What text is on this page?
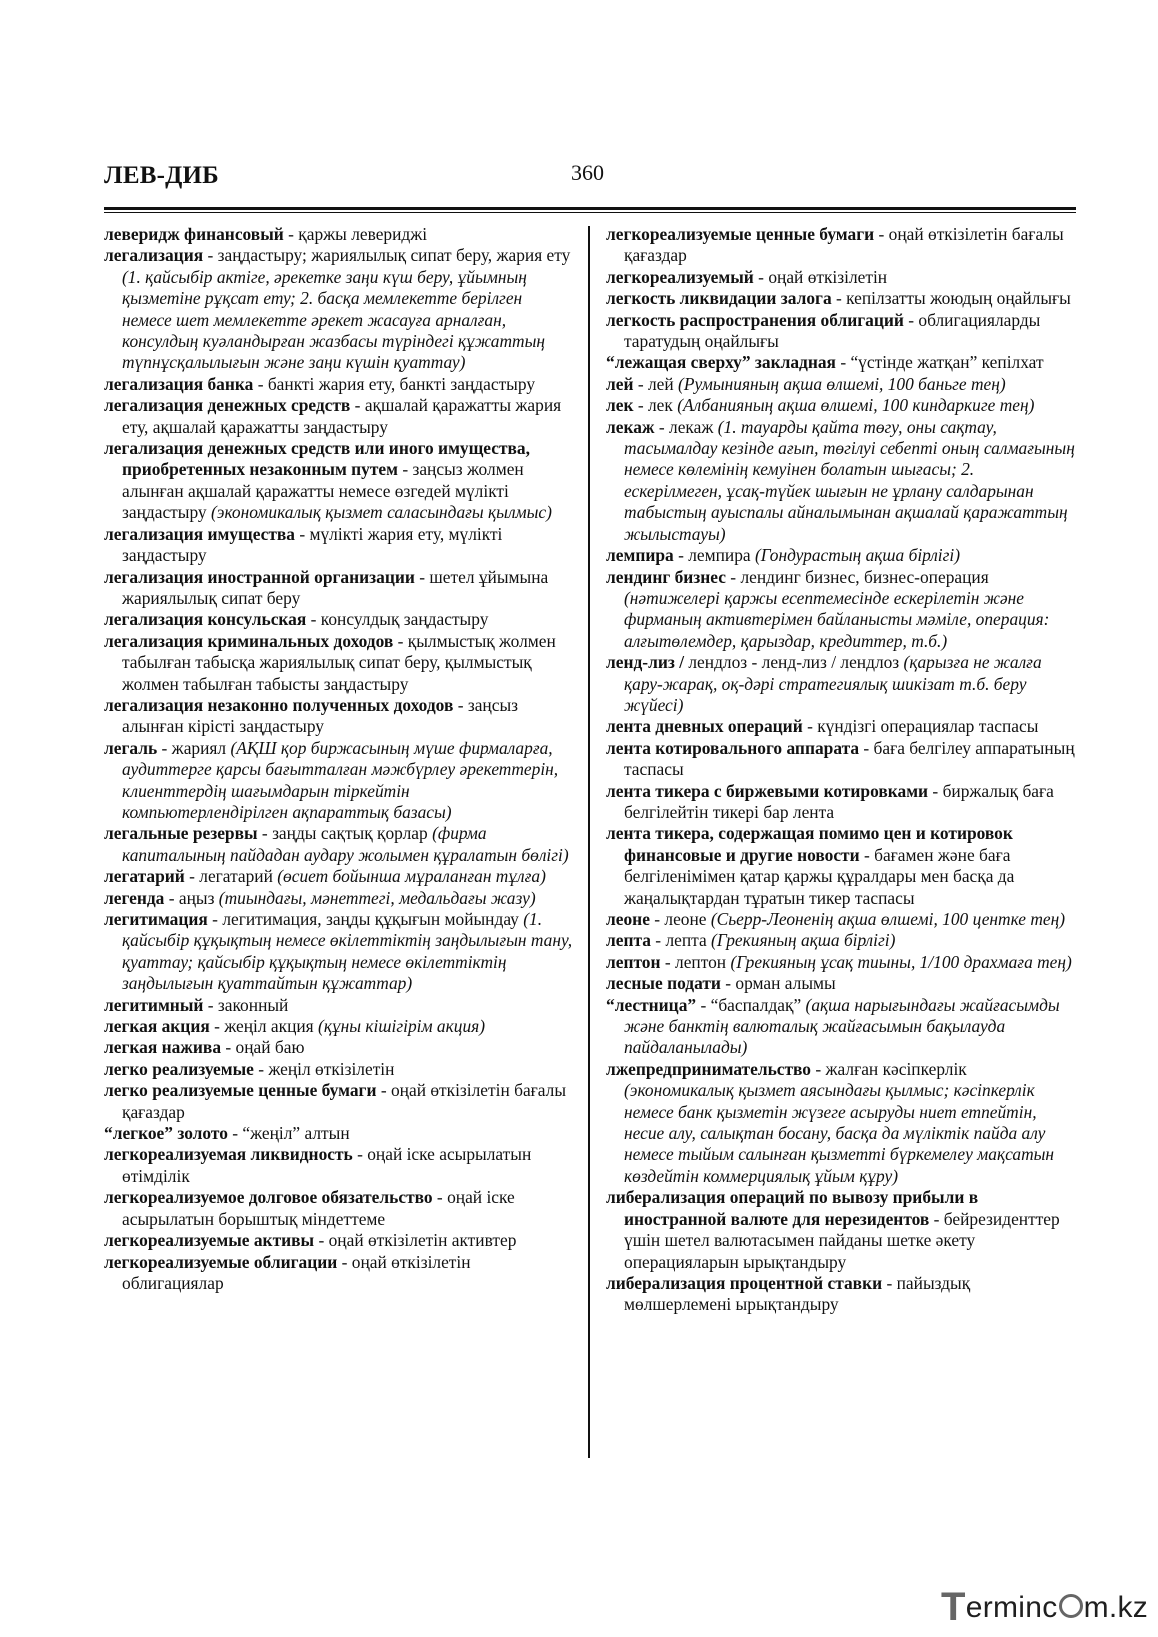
ЛЕВ-ДИБ	360
леверидж финансовый - қаржы левериджі
легализация - заңдастыру; жариялылық сипат беру, жария ету (1. қайсыбір актіге, әрекетке заңи күш беру, ұйымның қызметіне рұқсат ету; 2. басқа мемлекетте берілген немесе шет мемлекетте әрекет жасауға арналған, консулдың куәландырған жазбасы түріндегі құжаттың түпнұсқалылығын және заңи күшін қуаттау)
легализация банка - банкті жария ету, банкті заңдастыру
легализация денежных средств - ақшалай қаражатты жария ету, ақшалай қаражатты заңдастыру
легализация денежных средств или иного имущества, приобретенных незаконным путем - заңсыз жолмен алынған ақшалай қаражатты немесе өзгедей мүлікті заңдастыру (экономикалық қызмет саласындағы қылмыс)
легализация имущества - мүлікті жария ету, мүлікті заңдастыру
легализация иностранной организации - шетел ұйымына жариялылық сипат беру
легализация консульская - консулдық заңдастыру
легализация криминальных доходов - қылмыстық жолмен табылған табысқа жариялылық сипат беру, қылмыстық жолмен табылған табысты заңдастыру
легализация незаконно полученных доходов - заңсыз алынған кірісті заңдастыру
легаль - жариял (АҚШ қор биржасының мүше фирмаларға, аудиттерге қарсы бағытталған мәжбүрлеу әрекеттерін, клиенттердің шағымдарын тіркейтін компьютерлендірілген ақпараттық базасы)
легальные резервы - заңды сақтық қорлар (фирма капиталының пайдадан аудару жолымен құралатын бөлігі)
легатарий - легатарий (өсиет бойынша мұраланған тұлға)
легенда - аңыз (тиындағы, мәнеттегі, медальдағы жазу)
легитимация - легитимация, заңды құқығын мойындау (1. қайсыбір құқықтың немесе өкілеттіктің заңдылығын тану, қуаттау; қайсыбір құқықтың немесе өкілеттіктің заңдылығын қуаттайтын құжаттар)
легитимный - законный
легкая акция - жеңіл акция (құны кішігірім акция)
легкая нажива - оңай баю
легко реализуемые - жеңіл өткізілетін
легко реализуемые ценные бумаги - оңай өткізілетін бағалы қағаздар
“легкое” золото - “жеңіл” алтын
легкореализуемая ликвидность - оңай іске асырылатын өтімділік
легкореализуемое долговое обязательство - оңай іске асырылатын борыштық міндеттеме
легкореализуемые активы - оңай өткізілетін активтер
легкореализуемые облигации - оңай өткізілетін облигациялар
легкореализуемые ценные бумаги - оңай өткізілетін бағалы қағаздар
легкореализуемый - оңай өткізілетін
легкость ликвидации залога - кепілзатты жоюдың оңайлығы
легкость распространения облигаций - облигацияларды таратудың оңайлығы
“лежащая сверху” закладная - “үстінде жатқан” кепілхат
лей - лей (Румынияның ақша өлшемі, 100 баньге тең)
лек - лек (Албанияның ақша өлшемі, 100 киндаркиге тең)
лекаж - лекаж (1. тауарды қайта төгу, оны сақтау, тасымалдау кезінде ағып, төгілуі себепті оның салмағының немесе көлемінің кемуінен болатын шығасы; 2. ескерілмеген, ұсақ-түйек шығын не ұрлану салдарынан табыстың ауыспалы айналымынан ақшалай қаражаттың жылыстауы)
лемпира - лемпира (Гондурастың ақша бірлігі)
лендинг бизнес - лендинг бизнес, бизнес-операция (нәтижелері қаржы есептемесінде ескерілетін және фирманың активтерімен байланысты мәміле, операция: алғытөлемдер, қарыздар, кредиттер, т.б.)
ленд-лиз / лендлоз - ленд-лиз / лендлоз (қарызға не жалға қару-жарақ, оқ-дәрі стратегиялық шикізат т.б. беру жүйесі)
лента дневных операций - күндізгі операциялар таспасы
лента котировального аппарата - баға белгілеу аппаратының таспасы
лента тикера с биржевыми котировками - биржалық баға белгілейтін тикері бар лента
лента тикера, содержащая помимо цен и котировок финансовые и другие новости - бағамен және баға белгіленімімен қатар қаржы құралдары мен басқа да жаңалықтардан тұратын тикер таспасы
леоне - леоне (Сьерр-Леоненің ақша өлшемі, 100 центке тең)
лепта - лепта (Грекияның ақша бірлігі)
лептон - лептон (Грекияның ұсақ тиыны, 1/100 драхмаға тең)
лесные подати - орман алымы
“лестница” - “баспалдақ” (ақша нарығындағы жайғасымды және банктің валюталық жайғасымын бақылауда пайдаланылады)
лжепредпринимательство - жалған кәсіпкерлік (экономикалық қызмет аясындағы қылмыс; кәсіпкерлік немесе банк қызметін жүзеге асыруды ниет етпейтін, несие алу, салықтан босану, басқа да мүліктік пайда алу немесе тыйым салынған қызметті бүркемелеу мақсатын көздейтін коммерциялық ұйым құру)
либерализация операций по вывозу прибыли в иностранной валюте для нерезидентов - бейрезиденттер үшін шетел валютасымен пайданы шетке әкету операцияларын ырықтандыру
либерализация процентной ставки - пайыздық мөлшерлемені ырықтандыру
Terminc m.kz
